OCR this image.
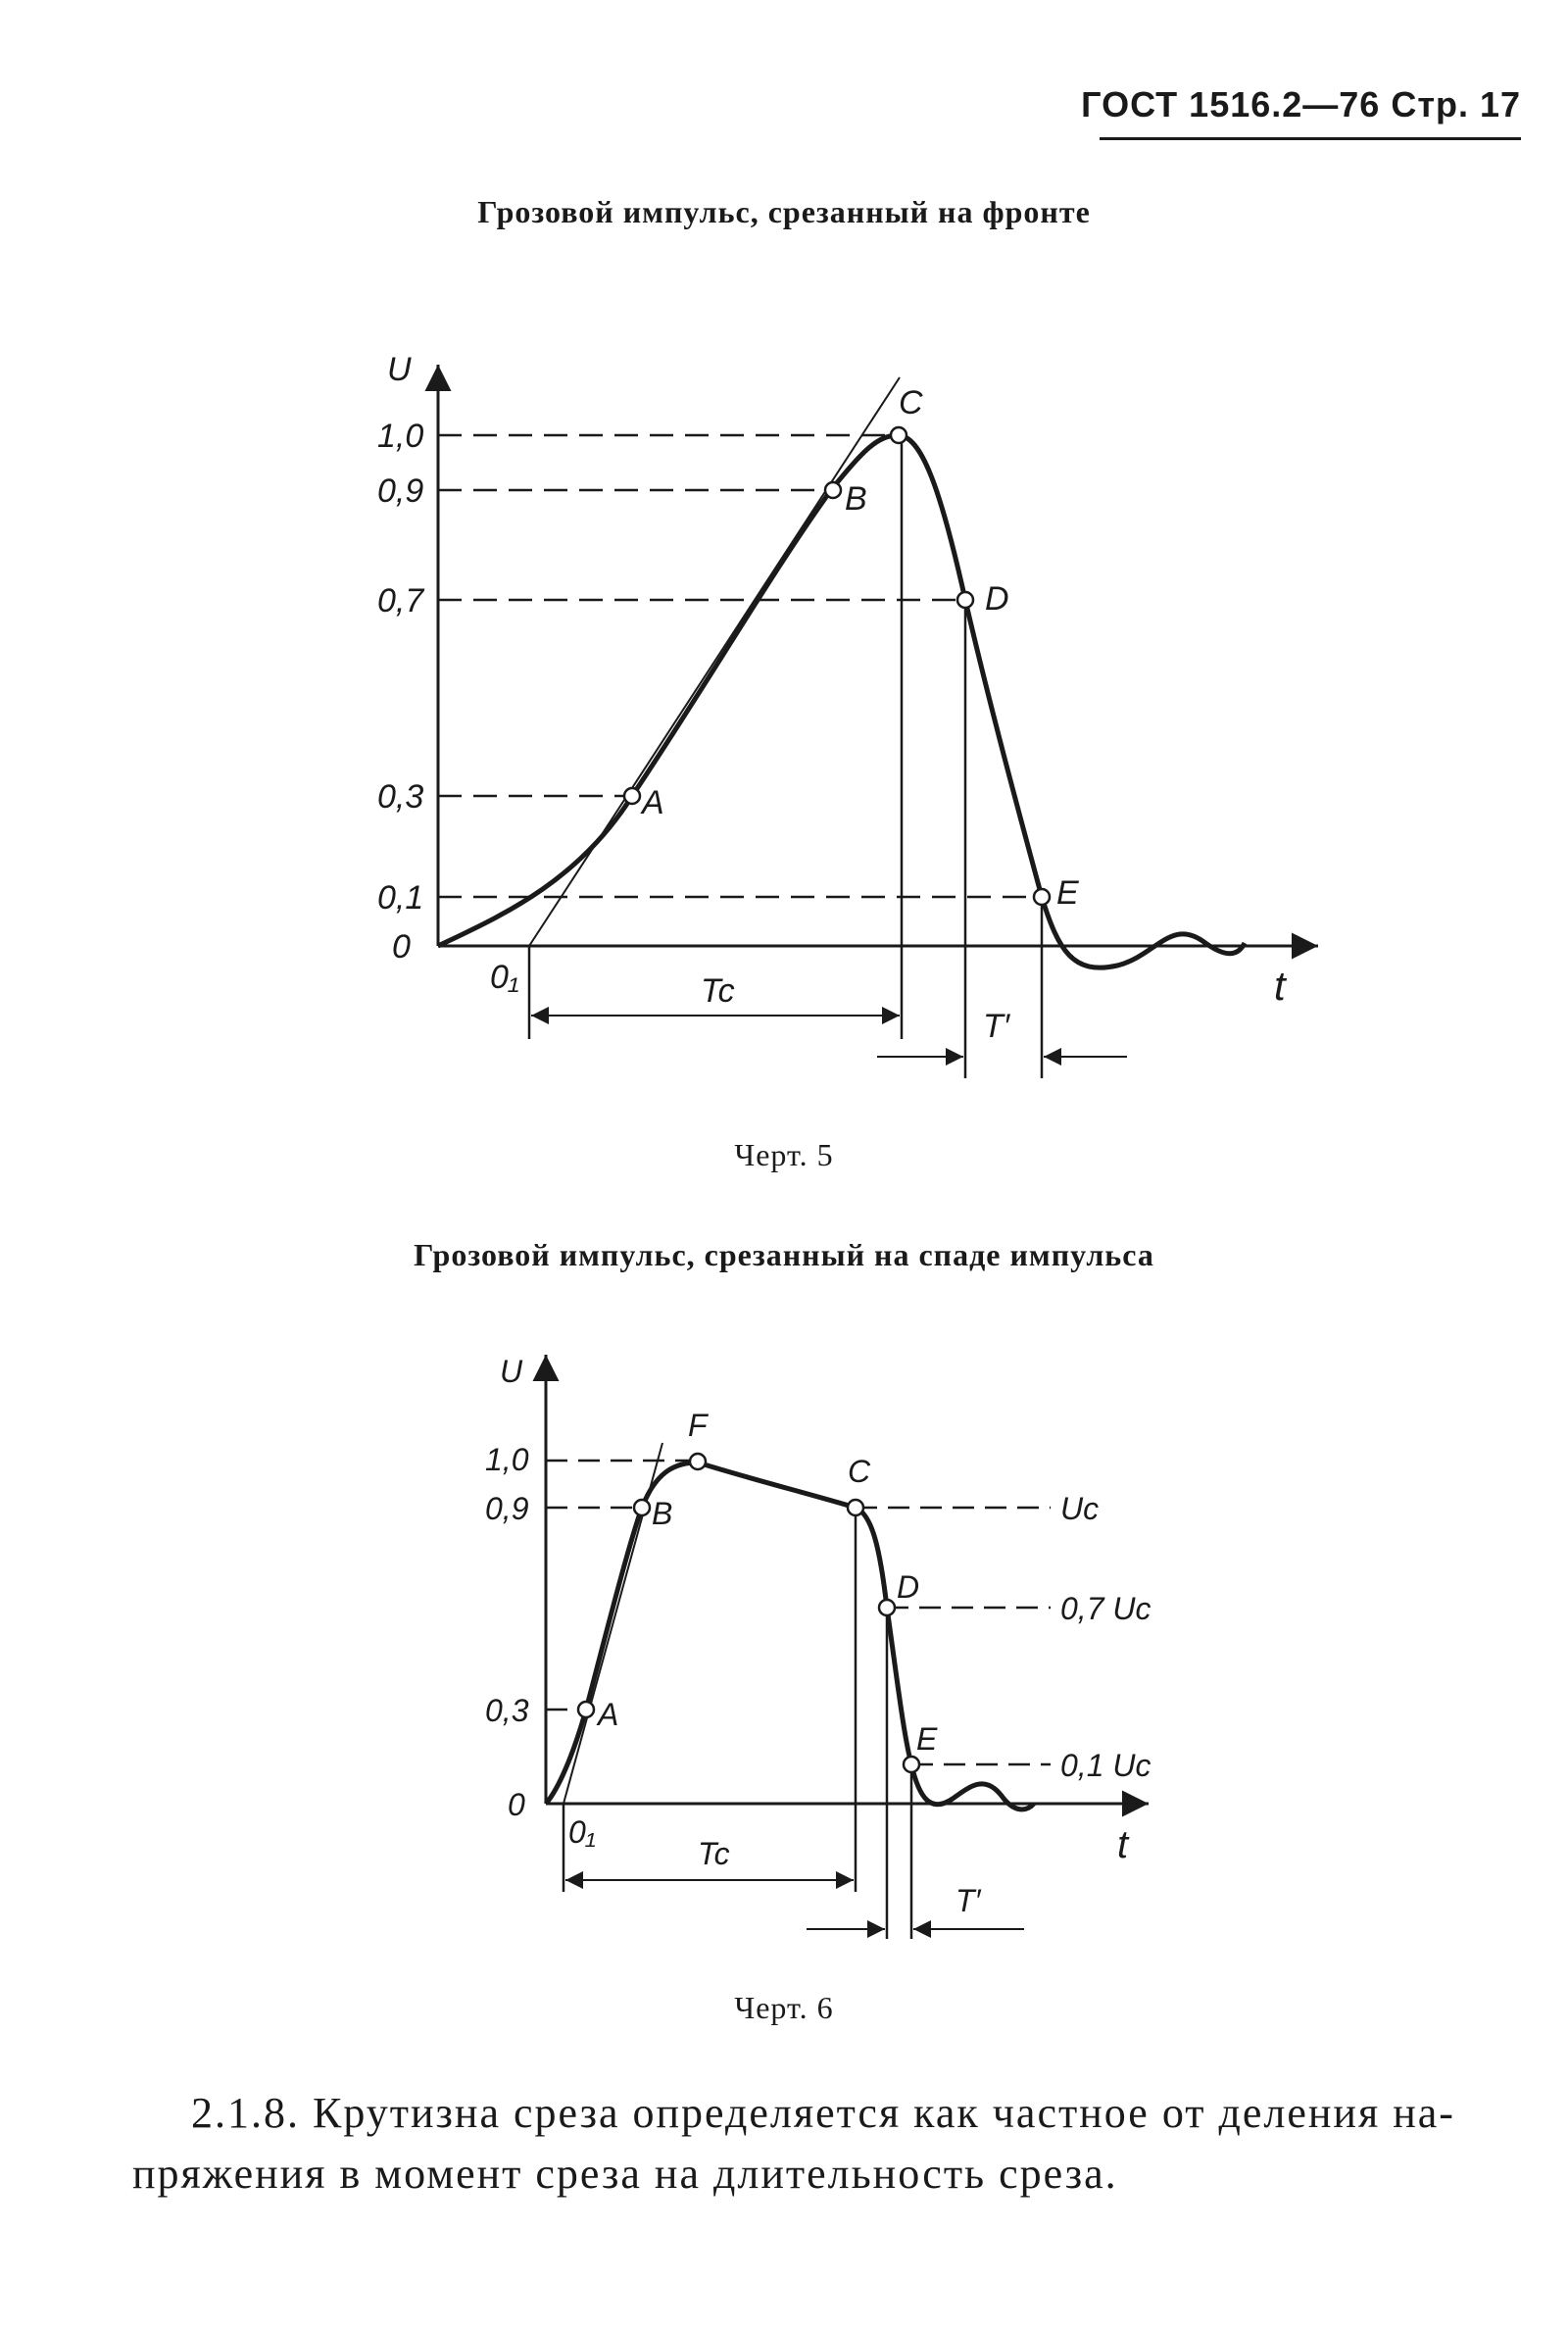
ГОСТ 1516.2—76 Стр. 17
Грозовой импульс, срезанный на фронте
U
t
1,0
0,9
0,7
0,3
0,1
0
A
B
C
D
E
0₁	Tc
T′
U
t
1,0
0,9
0,3
0
A
B
F
C
D
E
Uc
0,7 Uc
0,1 Uc
0₁
Tc
T′
Черт. 5
Грозовой импульс, срезанный на спаде импульса
Черт. 6
2.1.8. Крутизна среза определяется как частное от деления на-
пряжения в момент среза на длительность среза.
